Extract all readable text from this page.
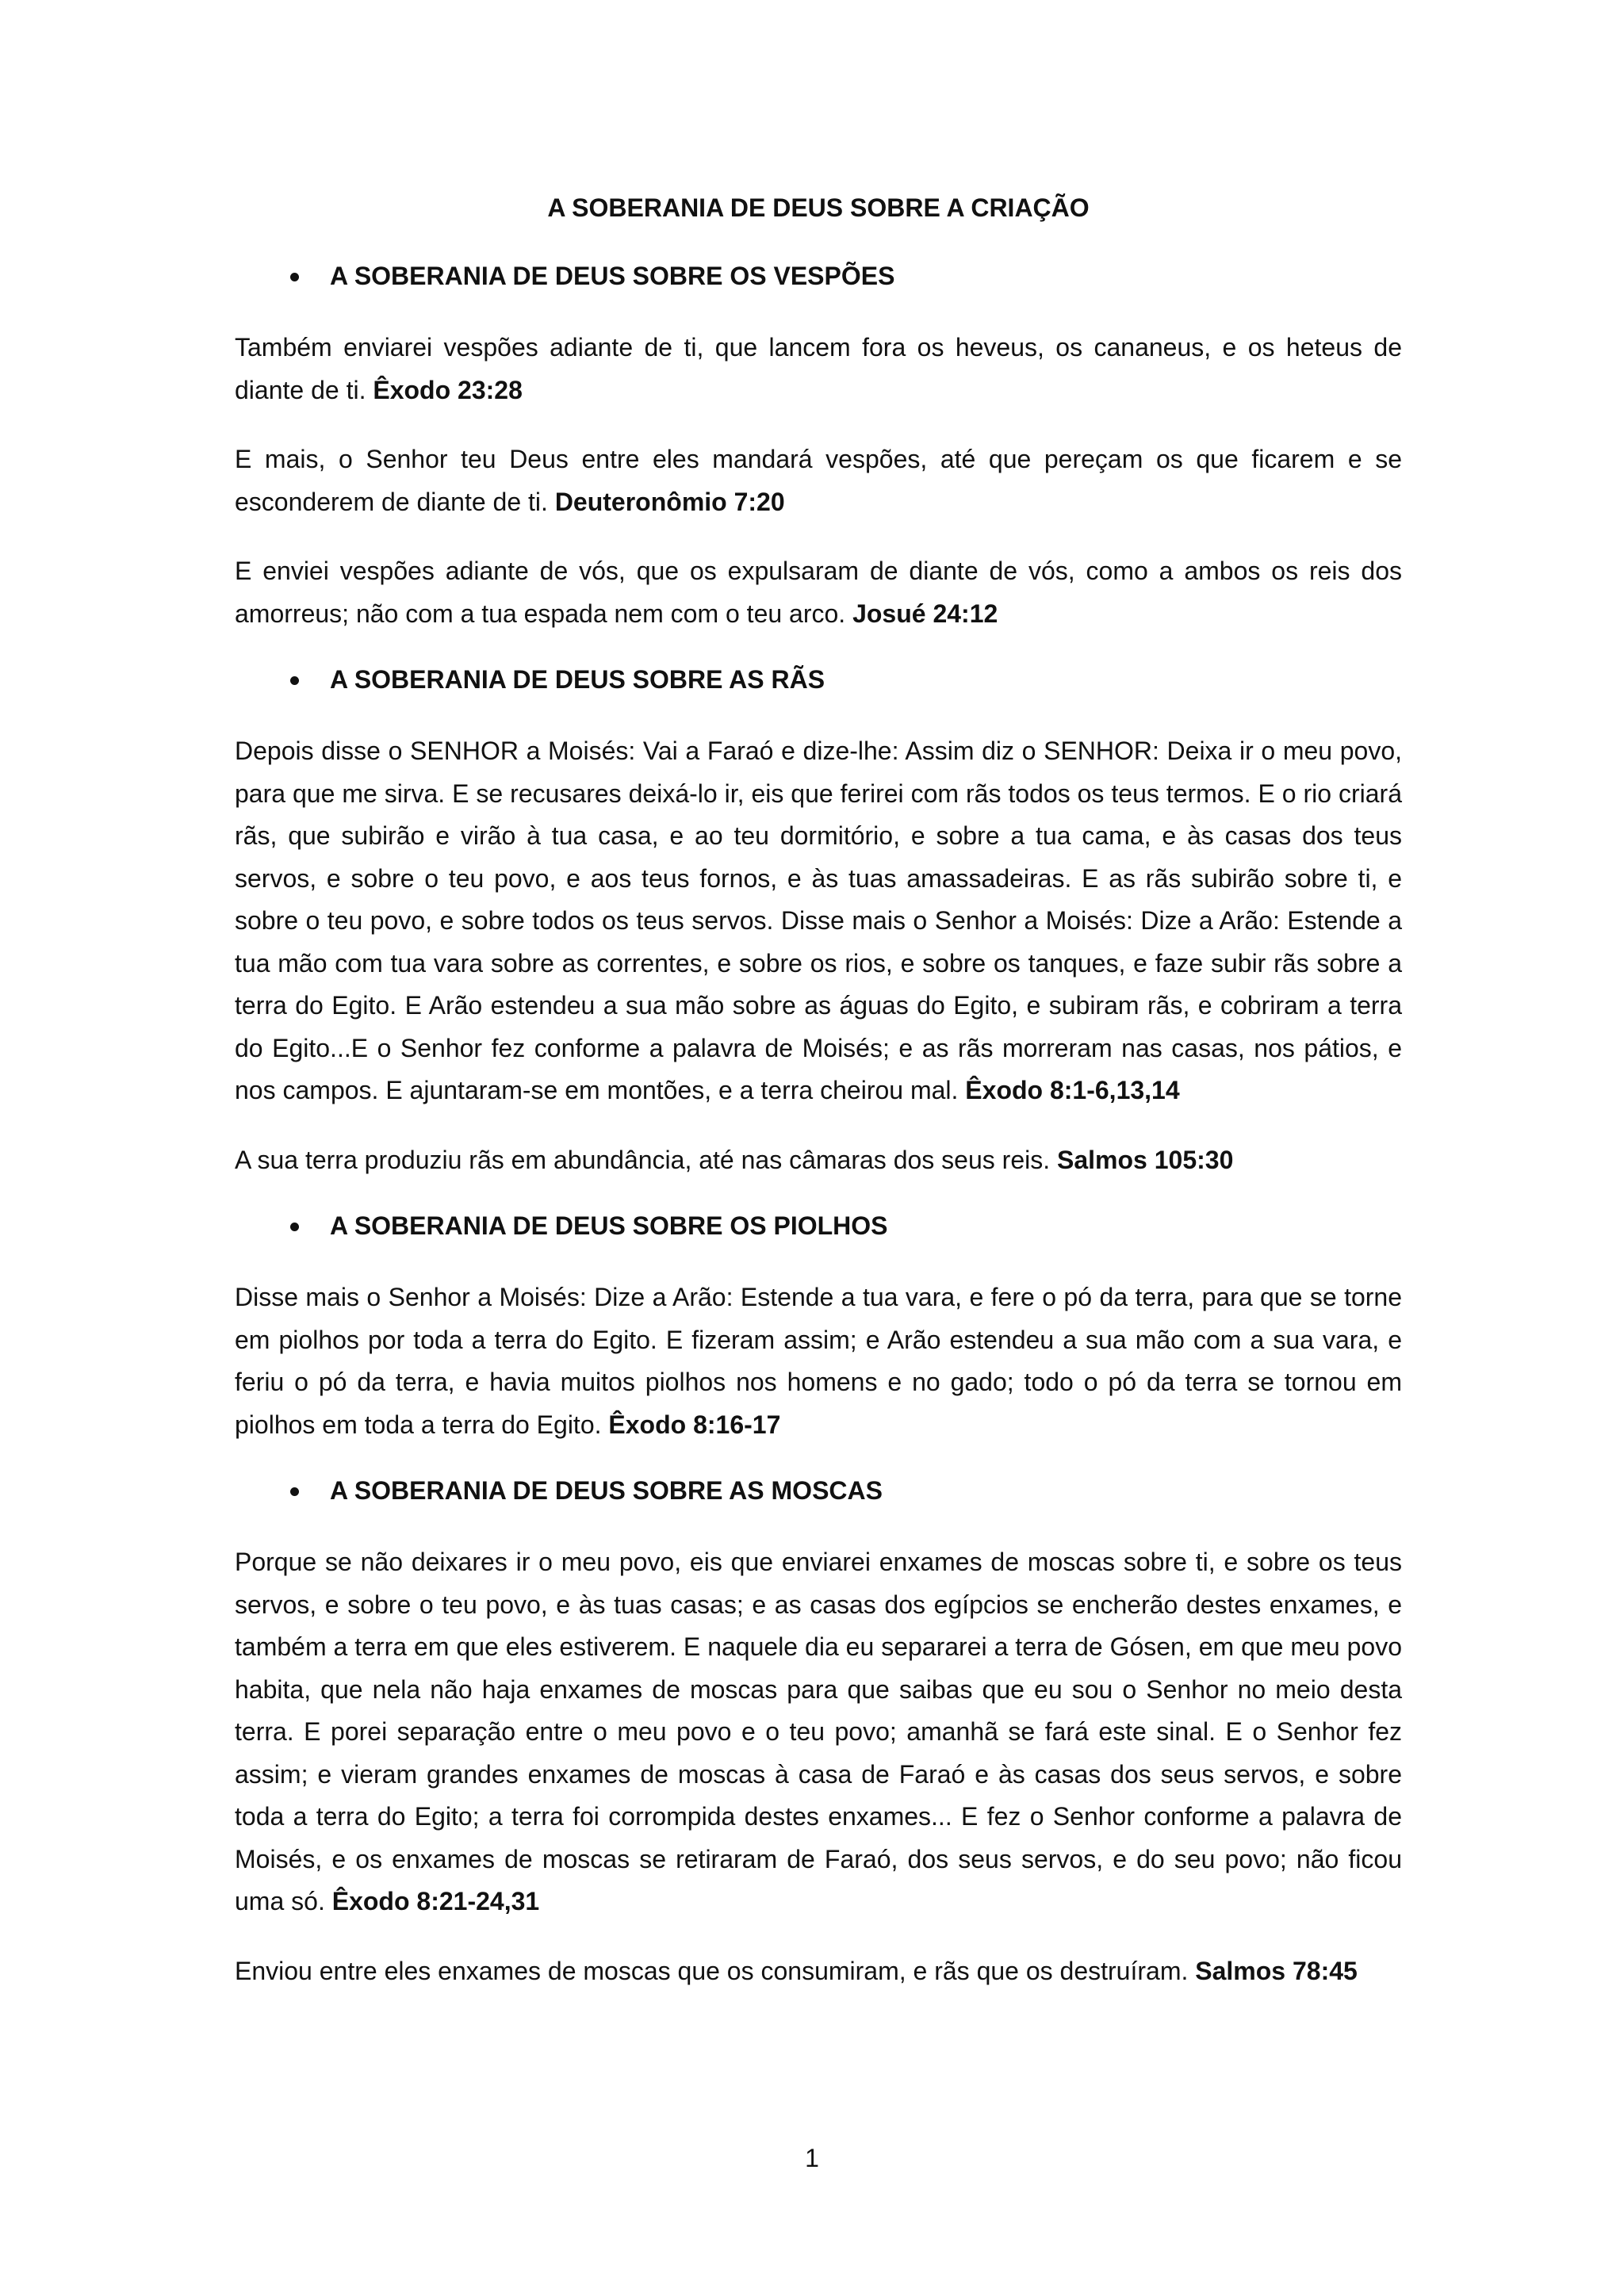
A SOBERANIA DE DEUS SOBRE A CRIAÇÃO
A SOBERANIA DE DEUS SOBRE OS VESPÕES

Também enviarei vespões adiante de ti, que lancem fora os heveus, os cananeus, e os heteus de diante de ti. Êxodo 23:28

E mais, o Senhor teu Deus entre eles mandará vespões, até que pereçam os que ficarem e se esconderem de diante de ti. Deuteronômio 7:20

E enviei vespões adiante de vós, que os expulsaram de diante de vós, como a ambos os reis dos amorreus; não com a tua espada nem com o teu arco. Josué 24:12

A SOBERANIA DE DEUS SOBRE AS RÃS

Depois disse o SENHOR a Moisés: Vai a Faraó e dize-lhe: Assim diz o SENHOR: Deixa ir o meu povo, para que me sirva. E se recusares deixá-lo ir, eis que ferirei com rãs todos os teus termos. E o rio criará rãs, que subirão e virão à tua casa, e ao teu dormitório, e sobre a tua cama, e às casas dos teus servos, e sobre o teu povo, e aos teus fornos, e às tuas amassadeiras. E as rãs subirão sobre ti, e sobre o teu povo, e sobre todos os teus servos. Disse mais o Senhor a Moisés: Dize a Arão: Estende a tua mão com tua vara sobre as correntes, e sobre os rios, e sobre os tanques, e faze subir rãs sobre a terra do Egito. E Arão estendeu a sua mão sobre as águas do Egito, e subiram rãs, e cobriram a terra do Egito...E o Senhor fez conforme a palavra de Moisés; e as rãs morreram nas casas, nos pátios, e nos campos. E ajuntaram-se em montões, e a terra cheirou mal. Êxodo 8:1-6,13,14

A sua terra produziu rãs em abundância, até nas câmaras dos seus reis. Salmos 105:30

A SOBERANIA DE DEUS SOBRE OS PIOLHOS

Disse mais o Senhor a Moisés: Dize a Arão: Estende a tua vara, e fere o pó da terra, para que se torne em piolhos por toda a terra do Egito. E fizeram assim; e Arão estendeu a sua mão com a sua vara, e feriu o pó da terra, e havia muitos piolhos nos homens e no gado; todo o pó da terra se tornou em piolhos em toda a terra do Egito. Êxodo 8:16-17

A SOBERANIA DE DEUS SOBRE AS MOSCAS

Porque se não deixares ir o meu povo, eis que enviarei enxames de moscas sobre ti, e sobre os teus servos, e sobre o teu povo, e às tuas casas; e as casas dos egípcios se encherão destes enxames, e também a terra em que eles estiverem. E naquele dia eu separarei a terra de Gósen, em que meu povo habita, que nela não haja enxames de moscas para que saibas que eu sou o Senhor no meio desta terra. E porei separação entre o meu povo e o teu povo; amanhã se fará este sinal. E o Senhor fez assim; e vieram grandes enxames de moscas à casa de Faraó e às casas dos seus servos, e sobre toda a terra do Egito; a terra foi corrompida destes enxames... E fez o Senhor conforme a palavra de Moisés, e os enxames de moscas se retiraram de Faraó, dos seus servos, e do seu povo; não ficou uma só. Êxodo 8:21-24,31

Enviou entre eles enxames de moscas que os consumiram, e rãs que os destruíram. Salmos 78:45

1
